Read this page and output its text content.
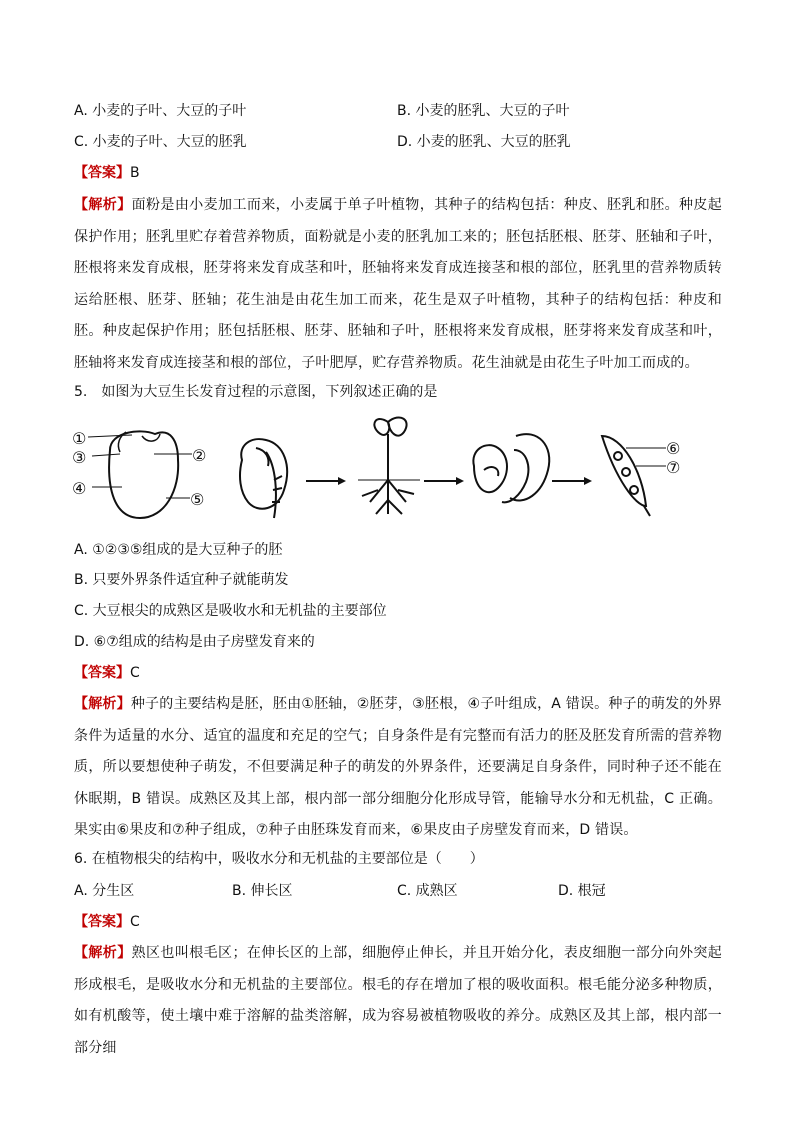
A. 小麦的子叶、大豆的子叶	B. 小麦的胚乳、大豆的子叶
C. 小麦的子叶、大豆的胚乳	D. 小麦的胚乳、大豆的胚乳
【答案】B
【解析】面粉是由小麦加工而来，小麦属于单子叶植物，其种子的结构包括：种皮、胚乳和胚。种皮起保护作用；胚乳里贮存着营养物质，面粉就是小麦的胚乳加工来的；胚包括胚根、胚芽、胚轴和子叶，胚根将来发育成根，胚芽将来发育成茎和叶，胚轴将来发育成连接茎和根的部位，胚乳里的营养物质转运给胚根、胚芽、胚轴；花生油是由花生加工而来，花生是双子叶植物，其种子的结构包括：种皮和胚。种皮起保护作用；胚包括胚根、胚芽、胚轴和子叶，胚根将来发育成根，胚芽将来发育成茎和叶，胚轴将来发育成连接茎和根的部位，子叶肥厚，贮存营养物质。花生油就是由花生子叶加工而成的。
5.　如图为大豆生长发育过程的示意图，下列叙述正确的是
①
②
③
④
⑤
⑥
⑦
A. ①②③⑤组成的是大豆种子的胚
B. 只要外界条件适宜种子就能萌发
C. 大豆根尖的成熟区是吸收水和无机盐的主要部位
D. ⑥⑦组成的结构是由子房壁发育来的
【答案】C
【解析】种子的主要结构是胚，胚由①胚轴，②胚芽，③胚根，④子叶组成，A 错误。种子的萌发的外界条件为适量的水分、适宜的温度和充足的空气；自身条件是有完整而有活力的胚及胚发育所需的营养物质，所以要想使种子萌发，不但要满足种子的萌发的外界条件，还要满足自身条件，同时种子还不能在休眠期，B 错误。成熟区及其上部，根内部一部分细胞分化形成导管，能输导水分和无机盐，C 正确。果实由⑥果皮和⑦种子组成，⑦种子由胚珠发育而来，⑥果皮由子房壁发育而来，D 错误。
6. 在植物根尖的结构中，吸收水分和无机盐的主要部位是（　　）
A. 分生区	B. 伸长区	C. 成熟区	D. 根冠
【答案】C
【解析】熟区也叫根毛区；在伸长区的上部，细胞停止伸长，并且开始分化，表皮细胞一部分向外突起形成根毛，是吸收水分和无机盐的主要部位。根毛的存在增加了根的吸收面积。根毛能分泌多种物质，如有机酸等，使土壤中难于溶解的盐类溶解，成为容易被植物吸收的养分。成熟区及其上部，根内部一部分细
